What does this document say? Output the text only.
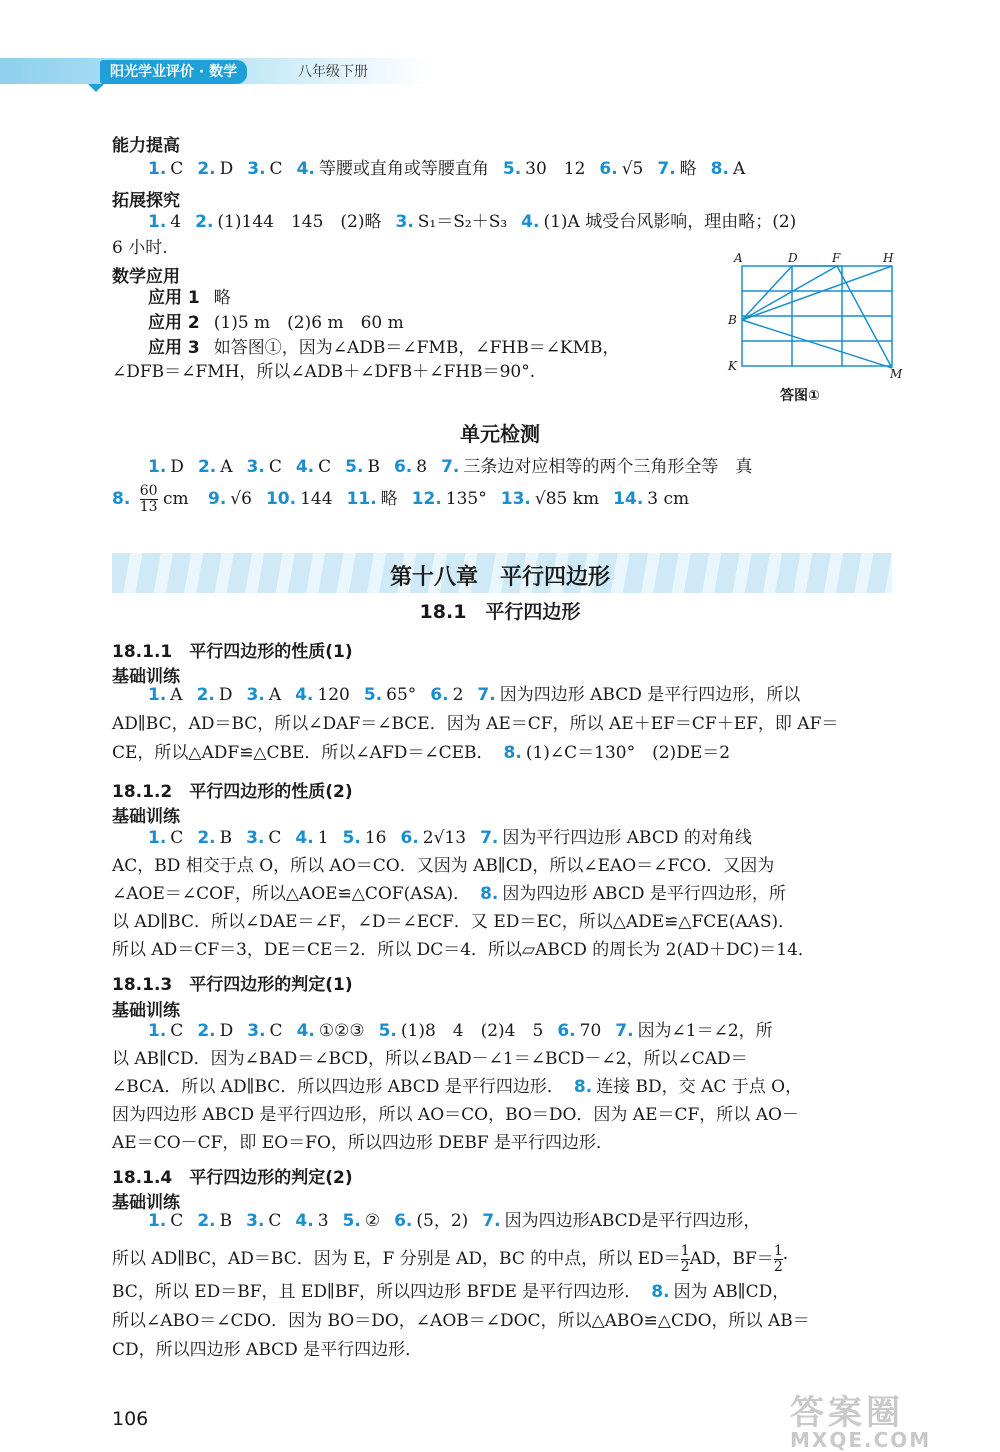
阳光学业评价 · 数学	八年级下册
能力提高
1. C 2. D 3. C 4. 等腰或直角或等腰直角 5. 30　12 6. √5 7. 略 8. A
拓展探究
1. 4 2. (1)144　145　(2)略 3. S₁＝S₂＋S₃ 4. (1)A 城受台风影响，理由略；(2)
6 小时.
数学应用
应用 1 略
应用 2 (1)5 m　(2)6 m　60 m
应用 3 如答图①，因为∠ADB＝∠FMB，∠FHB＝∠KMB，
∠DFB＝∠FMH，所以∠ADB＋∠DFB＋∠FHB＝90°.
A	D	F	H
B
K
M
答图①
单元检测
1. D 2. A 3. C 4. C 5. B 6. 8 7. 三条边对应相等的两个三角形全等　真
8. $\frac{60}{13}$ cm 9. √6 10. 144 11. 略 12. 135° 13. √85 km 14. 3 cm
第十八章　平行四边形
18.1　平行四边形
18.1.1　平行四边形的性质(1)
基础训练
1. A 2. D 3. A 4. 120 5. 65° 6. 2 7. 因为四边形 ABCD 是平行四边形，所以
AD∥BC，AD＝BC，所以∠DAF＝∠BCE．因为 AE＝CF，所以 AE＋EF＝CF＋EF，即 AF＝
CE，所以△ADF≌△CBE．所以∠AFD＝∠CEB． 8. (1)∠C＝130°　(2)DE＝2
18.1.2　平行四边形的性质(2)
基础训练
1. C 2. B 3. C 4. 1 5. 16 6. 2√13 7. 因为平行四边形 ABCD 的对角线
AC，BD 相交于点 O，所以 AO＝CO．又因为 AB∥CD，所以∠EAO＝∠FCO．又因为
∠AOE＝∠COF，所以△AOE≌△COF(ASA)． 8. 因为四边形 ABCD 是平行四边形，所
以 AD∥BC．所以∠DAE＝∠F，∠D＝∠ECF．又 ED＝EC，所以△ADE≌△FCE(AAS)．
所以 AD＝CF＝3，DE＝CE＝2．所以 DC＝4．所以▱ABCD 的周长为 2(AD＋DC)＝14．
18.1.3　平行四边形的判定(1)
基础训练
1. C 2. D 3. C 4. ①②③ 5. (1)8　4　(2)4　5 6. 70 7. 因为∠1＝∠2，所
以 AB∥CD．因为∠BAD＝∠BCD，所以∠BAD－∠1＝∠BCD－∠2，所以∠CAD＝
∠BCA．所以 AD∥BC．所以四边形 ABCD 是平行四边形． 8. 连接 BD，交 AC 于点 O，
因为四边形 ABCD 是平行四边形，所以 AO＝CO，BO＝DO．因为 AE＝CF，所以 AO－
AE＝CO－CF，即 EO＝FO，所以四边形 DEBF 是平行四边形．
18.1.4　平行四边形的判定(2)
基础训练
1. C 2. B 3. C 4. 3 5. ② 6. (5，2) 7. 因为四边形ABCD是平行四边形，
所以 AD∥BC，AD＝BC．因为 E，F 分别是 AD，BC 的中点，所以 $ED= \frac{1}{2}$ AD，$BF= \frac{1}{2}$ ·
BC，所以 ED＝BF，且 ED∥BF，所以四边形 BFDE 是平行四边形． 8. 因为 AB∥CD，
所以∠ABO＝∠CDO．因为 BO＝DO，∠AOB＝∠DOC，所以△ABO≌△CDO，所以 AB＝
CD，所以四边形 ABCD 是平行四边形．
106	答案圈
MXQE.COM
